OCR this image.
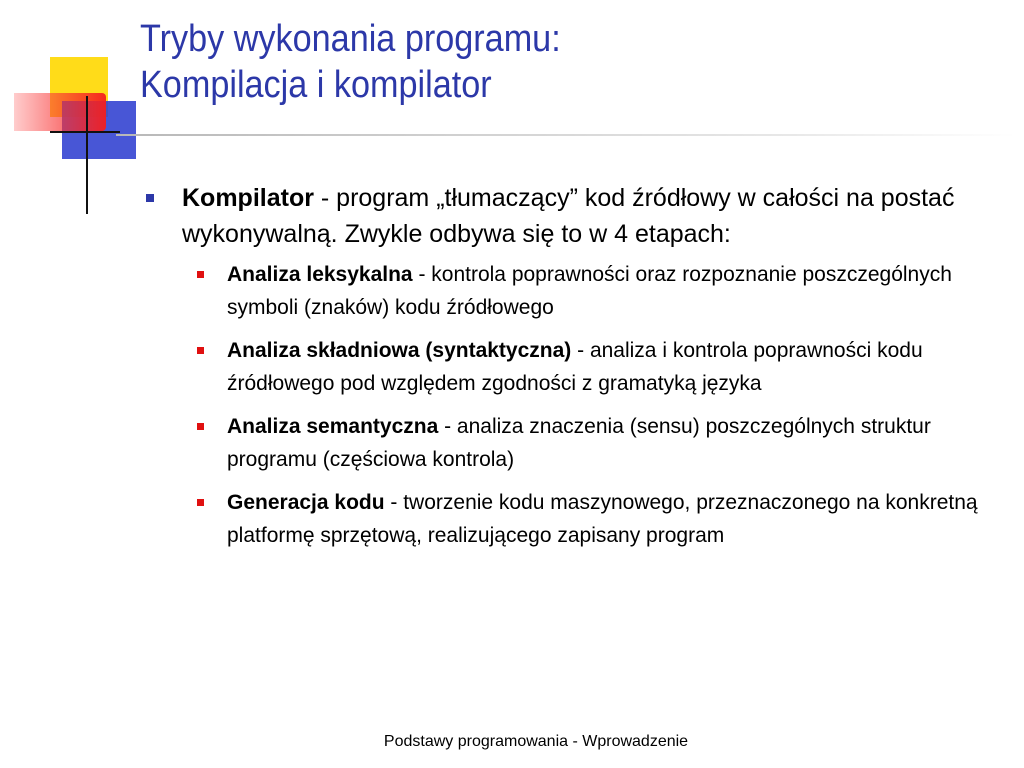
Tryby wykonania programu:
Kompilacja i kompilator
Kompilator - program „tłumaczący” kod źródłowy w całości na postać wykonywalną. Zwykle odbywa się to w 4 etapach:
Analiza leksykalna - kontrola poprawności oraz rozpoznanie poszczególnych symboli (znaków) kodu źródłowego
Analiza składniowa (syntaktyczna) - analiza i kontrola poprawności kodu źródłowego pod względem zgodności z gramatyką języka
Analiza semantyczna - analiza znaczenia (sensu) poszczególnych struktur programu (częściowa kontrola)
Generacja kodu - tworzenie kodu maszynowego, przeznaczonego na konkretną platformę sprzętową, realizującego zapisany program
Podstawy programowania - Wprowadzenie
